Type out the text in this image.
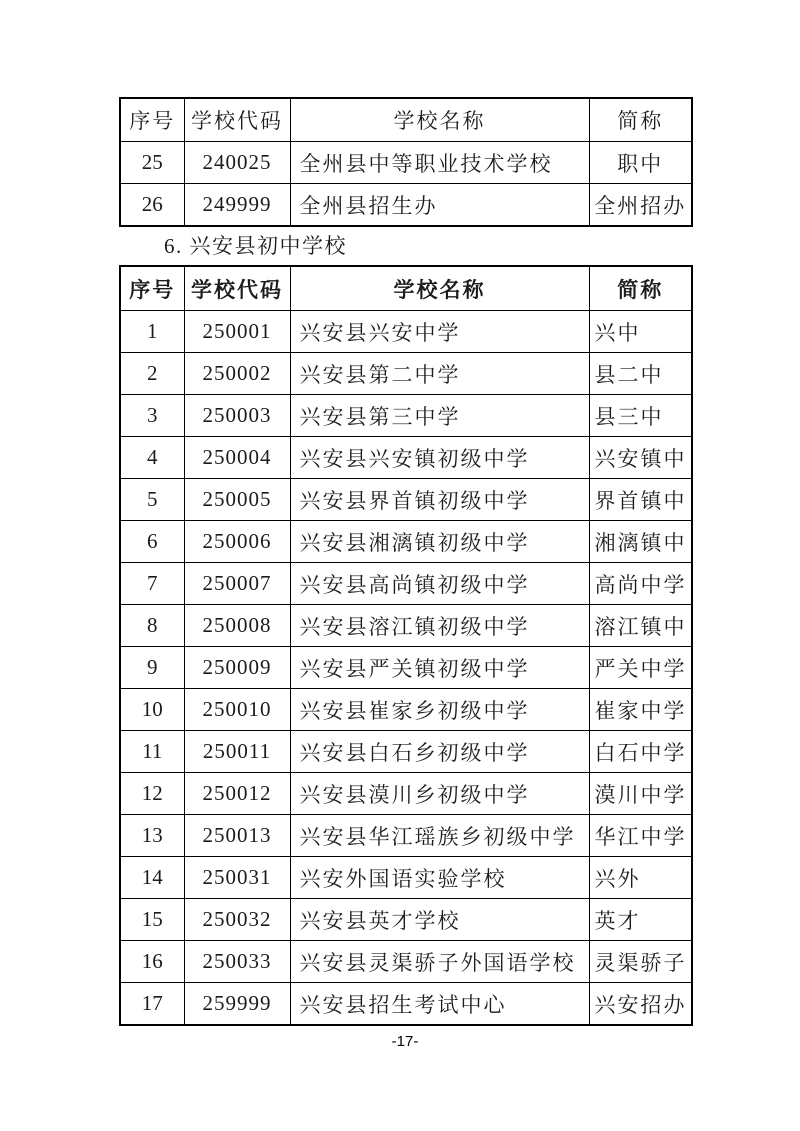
序号	学校代码	学校名称	简称
25	240025	全州县中等职业技术学校	职中
26	249999	全州县招生办	全州招办
6. 兴安县初中学校
序号	学校代码	学校名称	简称
1	250001	兴安县兴安中学	兴中
2	250002	兴安县第二中学	县二中
3	250003	兴安县第三中学	县三中
4	250004	兴安县兴安镇初级中学	兴安镇中
5	250005	兴安县界首镇初级中学	界首镇中
6	250006	兴安县湘漓镇初级中学	湘漓镇中
7	250007	兴安县高尚镇初级中学	高尚中学
8	250008	兴安县溶江镇初级中学	溶江镇中
9	250009	兴安县严关镇初级中学	严关中学
10	250010	兴安县崔家乡初级中学	崔家中学
11	250011	兴安县白石乡初级中学	白石中学
12	250012	兴安县漠川乡初级中学	漠川中学
13	250013	兴安县华江瑶族乡初级中学	华江中学
14	250031	兴安外国语实验学校	兴外
15	250032	兴安县英才学校	英才
16	250033	兴安县灵渠骄子外国语学校	灵渠骄子
17	259999	兴安县招生考试中心	兴安招办
-17-
